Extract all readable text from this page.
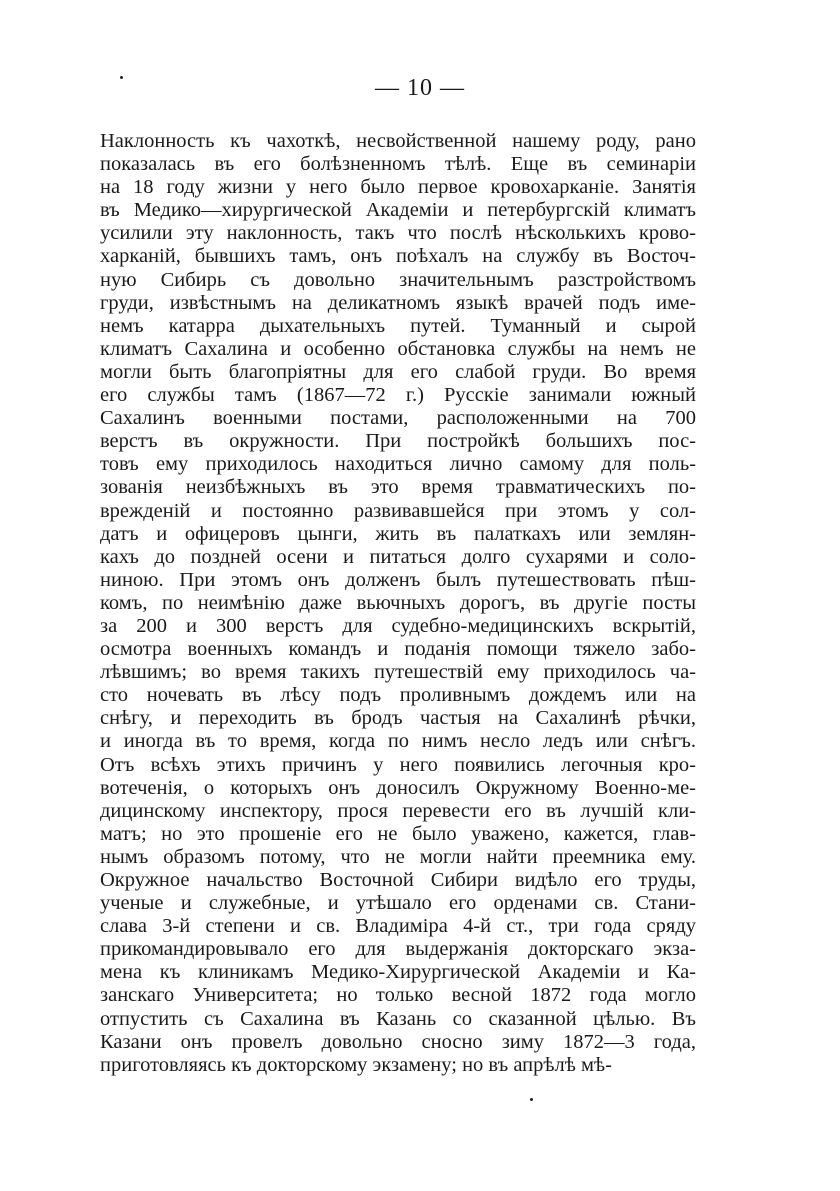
— 10 —
Наклонность къ чахоткѣ, несвойственной нашему роду, рано
показалась въ его болѣзненномъ тѣлѣ. Еще въ семинаріи
на 18 году жизни у него было первое кровохарканіе. Занятія
въ Медико—хирургической Академіи и петербургскій климатъ
усилили эту наклонность, такъ что послѣ нѣсколькихъ крово-
харканій, бывшихъ тамъ, онъ поѣхалъ на службу въ Восточ-
ную Сибирь съ довольно значительнымъ разстройствомъ
груди, извѣстнымъ на деликатномъ языкѣ врачей подъ име-
немъ катарра дыхательныхъ путей. Туманный и сырой
климатъ Сахалина и особенно обстановка службы на немъ не
могли быть благопріятны для его слабой груди. Во время
его службы тамъ (1867—72 г.) Русскіе занимали южный
Сахалинъ военными постами, расположенными на 700
верстъ въ окружности. При постройкѣ большихъ пос-
товъ ему приходилось находиться лично самому для поль-
зованія неизбѣжныхъ въ это время травматическихъ по-
врежденій и постоянно развивавшейся при этомъ у сол-
датъ и офицеровъ цынги, жить въ палаткахъ или землян-
кахъ до поздней осени и питаться долго сухарями и соло-
ниною. При этомъ онъ долженъ былъ путешествовать пѣш-
комъ, по неимѣнію даже вьючныхъ дорогъ, въ другіе посты
за 200 и 300 верстъ для судебно-медицинскихъ вскрытій,
осмотра военныхъ командъ и поданія помощи тяжело забо-
лѣвшимъ; во время такихъ путешествій ему приходилось ча-
сто ночевать въ лѣсу подъ проливнымъ дождемъ или на
снѣгу, и переходить въ бродъ частыя на Сахалинѣ рѣчки,
и иногда въ то время, когда по нимъ несло ледъ или снѣгъ.
Отъ всѣхъ этихъ причинъ у него появились легочныя кро-
вотеченія, о которыхъ онъ доносилъ Окружному Военно-ме-
дицинскому инспектору, прося перевести его въ лучшій кли-
матъ; но это прошеніе его не было уважено, кажется, глав-
нымъ образомъ потому, что не могли найти преемника ему.
Окружное начальство Восточной Сибири видѣло его труды,
ученые и служебные, и утѣшало его орденами св. Стани-
слава 3-й степени и св. Владиміра 4-й ст., три года сряду
прикомандировывало его для выдержанія докторскаго экза-
мена къ клиникамъ Медико-Хирургической Академіи и Ка-
занскаго Университета; но только весной 1872 года могло
отпустить съ Сахалина въ Казань со сказанной цѣлью. Въ
Казани онъ провелъ довольно сносно зиму 1872—3 года,
приготовляясь къ докторскому экзамену; но въ апрѣлѣ мѣ-
